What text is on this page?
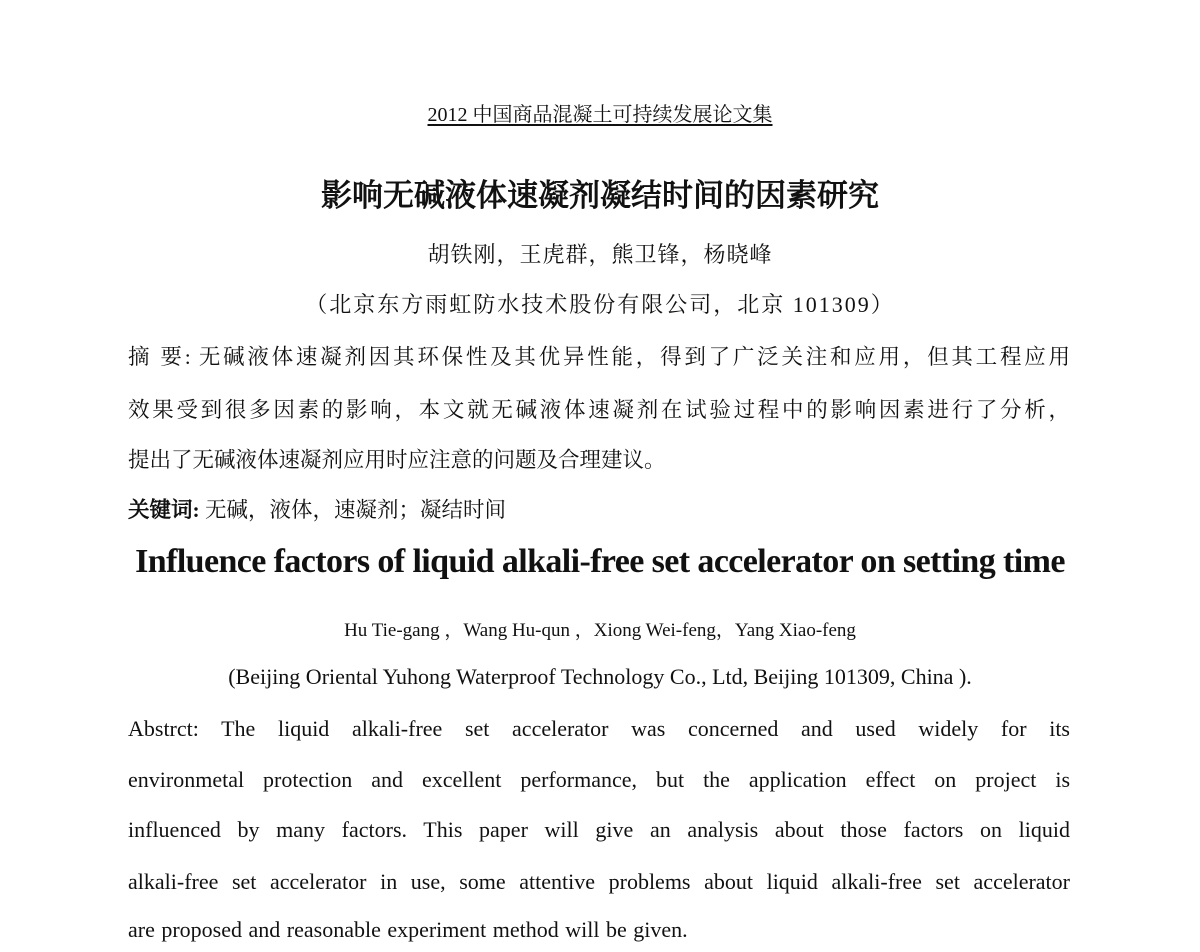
2012 中国商品混凝土可持续发展论文集
影响无碱液体速凝剂凝结时间的因素研究
胡铁刚，王虎群，熊卫锋，杨晓峰
（北京东方雨虹防水技术股份有限公司，北京 101309）
摘 要: 无碱液体速凝剂因其环保性及其优异性能，得到了广泛关注和应用，但其工程应用
效果受到很多因素的影响，本文就无碱液体速凝剂在试验过程中的影响因素进行了分析，
提出了无碱液体速凝剂应用时应注意的问题及合理建议。
关键词: 无碱，液体，速凝剂；凝结时间
Influence factors of liquid alkali-free set accelerator on setting time
Hu Tie-gang ，Wang Hu-qun ，Xiong Wei-feng，Yang Xiao-feng
(Beijing Oriental Yuhong Waterproof Technology Co., Ltd, Beijing 101309, China ).
Abstrct: The liquid alkali-free set accelerator was concerned and used widely for its
environmetal protection and excellent performance, but the application effect on project is
influenced by many factors. This paper will give an analysis about those factors on liquid
alkali-free set accelerator in use, some attentive problems about liquid alkali-free set accelerator
are proposed and reasonable experiment method will be given.
